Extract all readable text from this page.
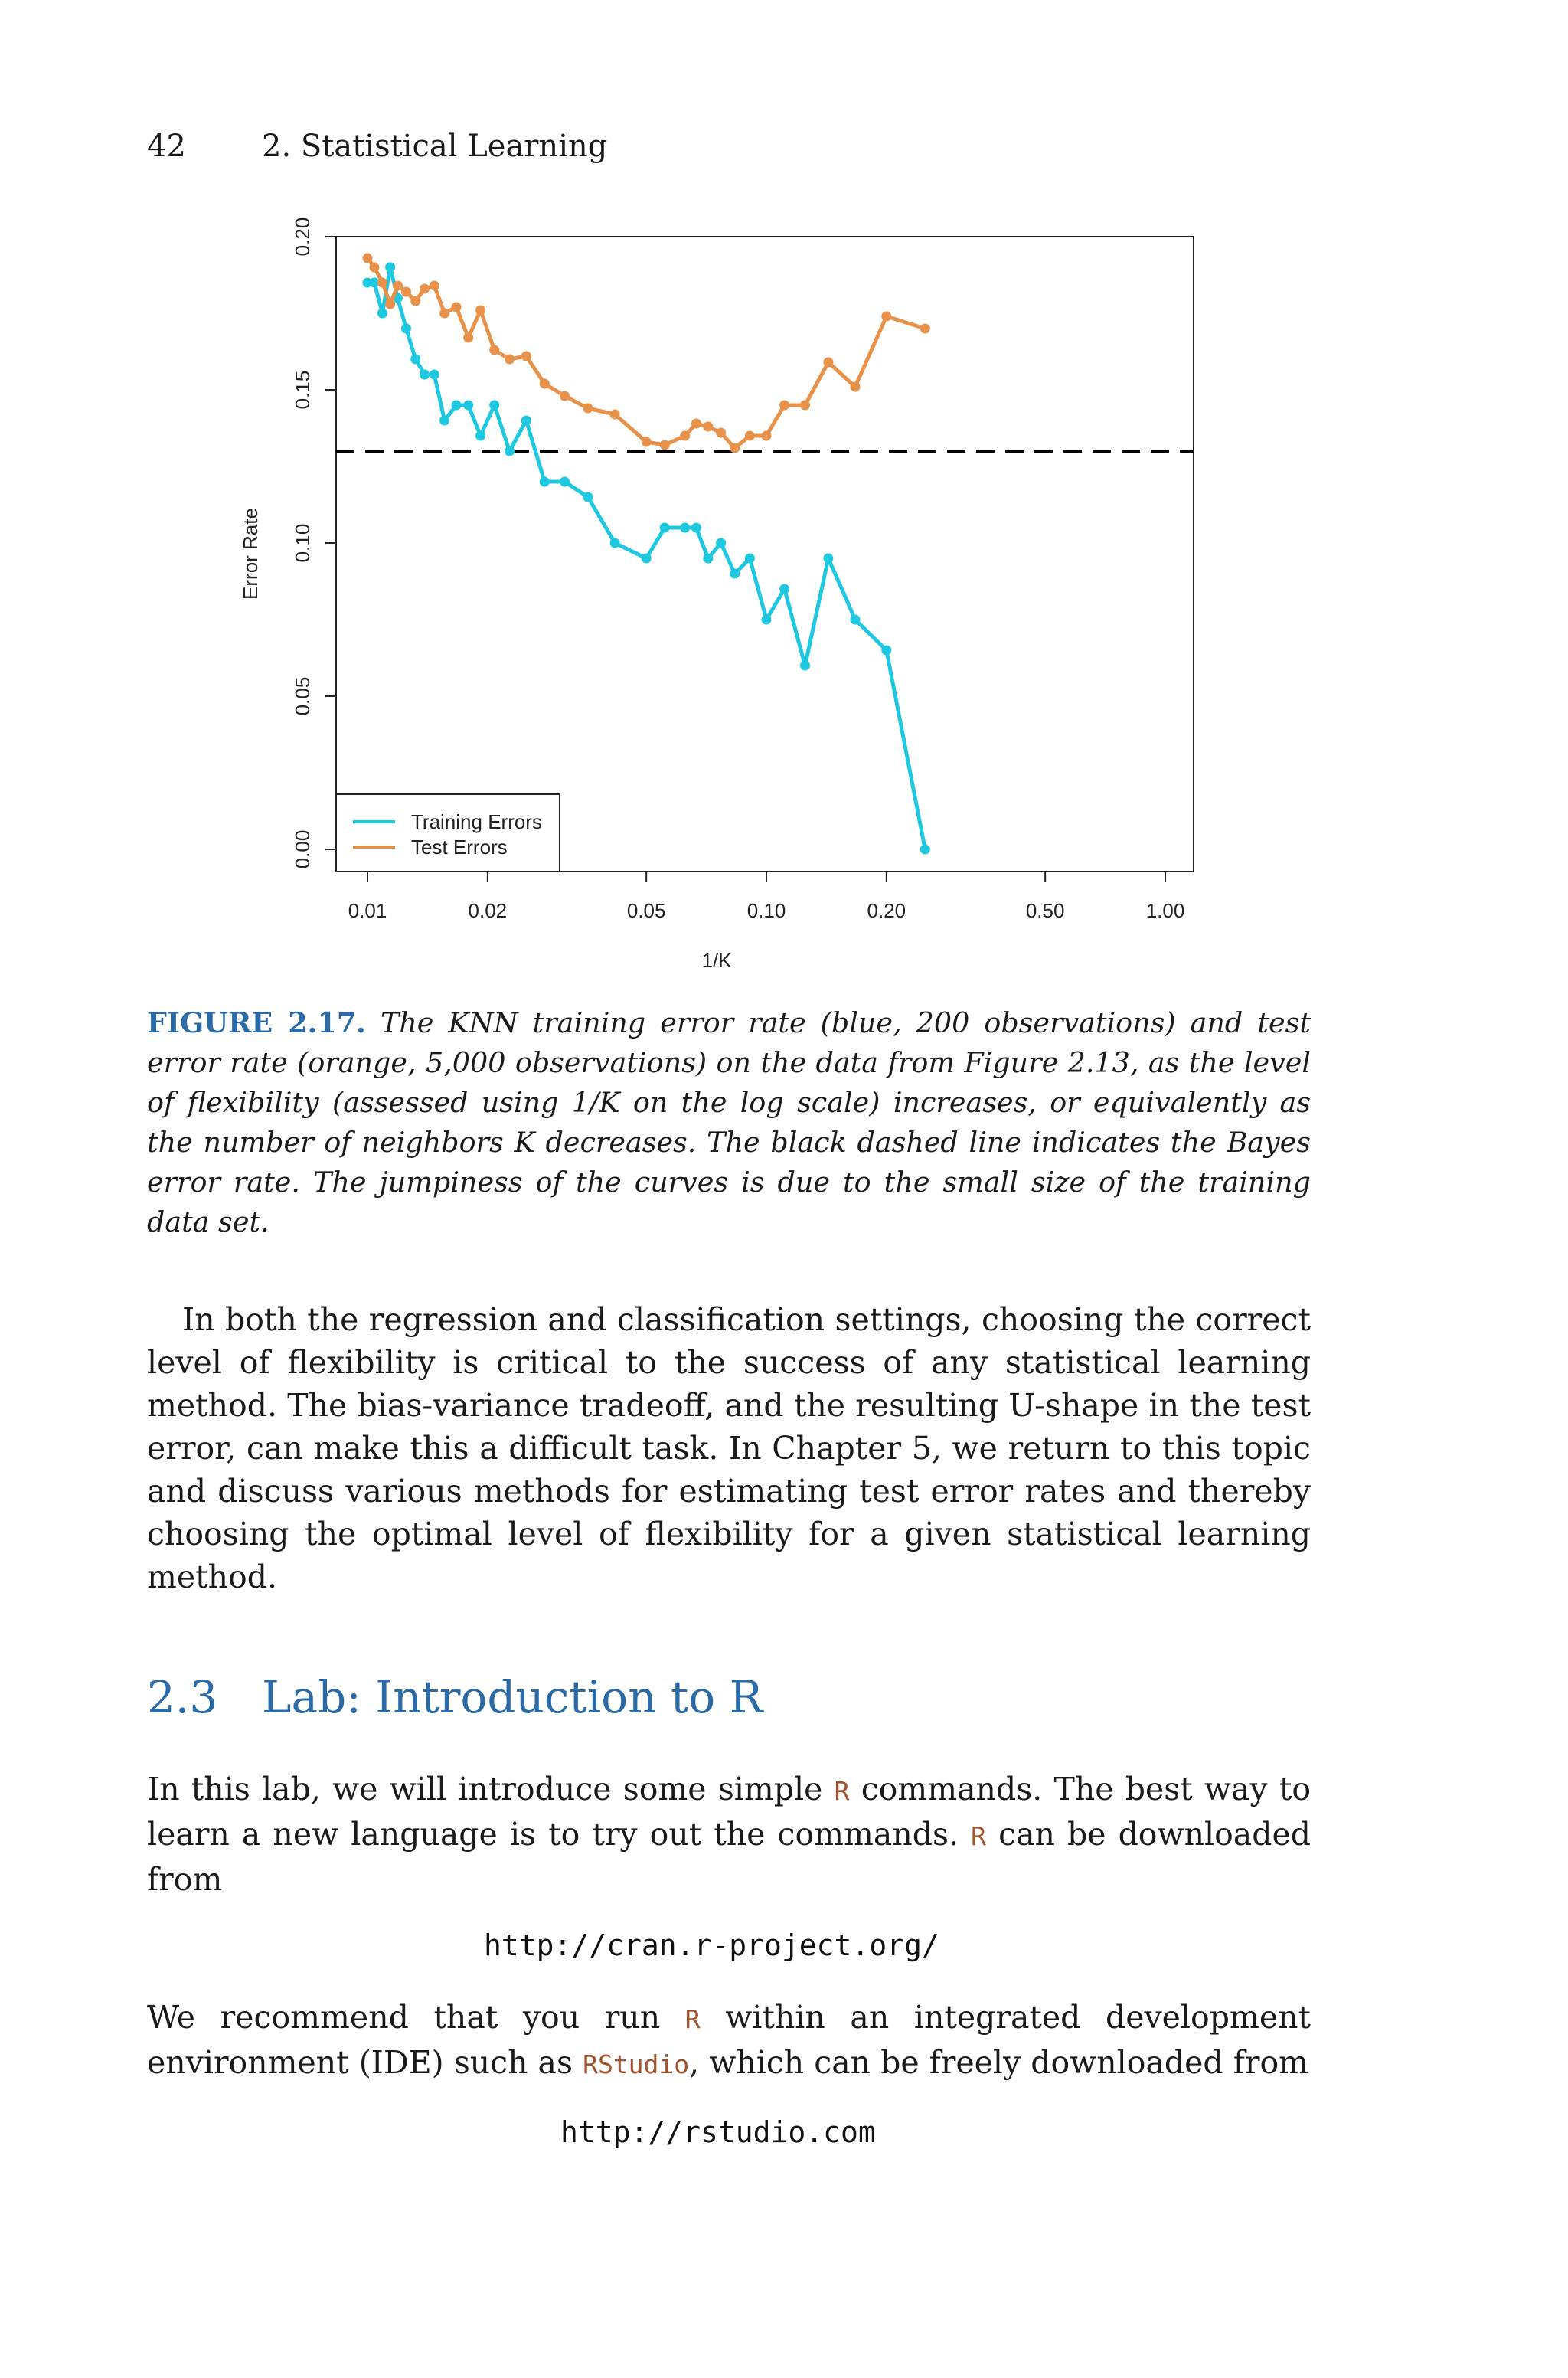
42 2. Statistical Learning
0.00
0.05
0.10
0.15
0.20
0.01	0.02	0.05	0.10	0.20	0.50	1.00
1/K
Error Rate
Training Errors
Test Errors
FIGURE 2.17. The KNN training error rate (blue, 200 observations) and test error rate (orange, 5,000 observations) on the data from Figure 2.13, as the level of flexibility (assessed using 1/K on the log scale) increases, or equivalently as the number of neighbors K decreases. The black dashed line indicates the Bayes error rate. The jumpiness of the curves is due to the small size of the training data set.
In both the regression and classification settings, choosing the correct level of flexibility is critical to the success of any statistical learning method. The bias-variance tradeoff, and the resulting U-shape in the test error, can make this a difficult task. In Chapter 5, we return to this topic and discuss various methods for estimating test error rates and thereby choosing the optimal level of flexibility for a given statistical learning method.
2.3 Lab: Introduction to R
In this lab, we will introduce some simple R commands. The best way to learn a new language is to try out the commands. R can be downloaded from
http://cran.r-project.org/
We recommend that you run R within an integrated development environment (IDE) such as RStudio, which can be freely downloaded from
http://rstudio.com
